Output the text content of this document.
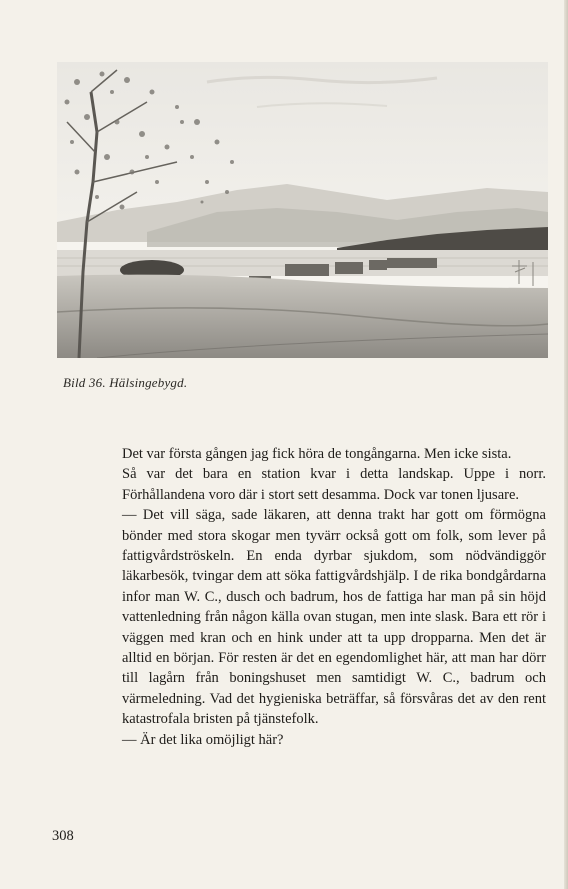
Bild 36. Hälsingebygd.

Det var första gången jag fick höra de tongångarna. Men icke sista.

Så var det bara en station kvar i detta landskap. Uppe i norr. Förhållandena voro där i stort sett desamma. Dock var tonen ljusare.

— Det vill säga, sade läkaren, att denna trakt har gott om förmögna bönder med stora skogar men tyvärr också gott om folk, som lever på fattigvårdströskeln. En enda dyrbar sjukdom, som nödvändiggör läkarbesök, tvingar dem att söka fattigvårdshjälp. I de rika bondgårdarna infor man W. C., dusch och badrum, hos de fattiga har man på sin höjd vattenledning från någon källa ovan stugan, men inte slask. Bara ett rör i väggen med kran och en hink under att ta upp dropparna. Men det är alltid en början. För resten är det en egendomlighet här, att man har dörr till lagårn från boningshuset men samtidigt W. C., badrum och värmeledning. Vad det hygieniska beträffar, så försvåras det av den rent katastrofala bristen på tjänstefolk.

— Är det lika omöjligt här?

308
